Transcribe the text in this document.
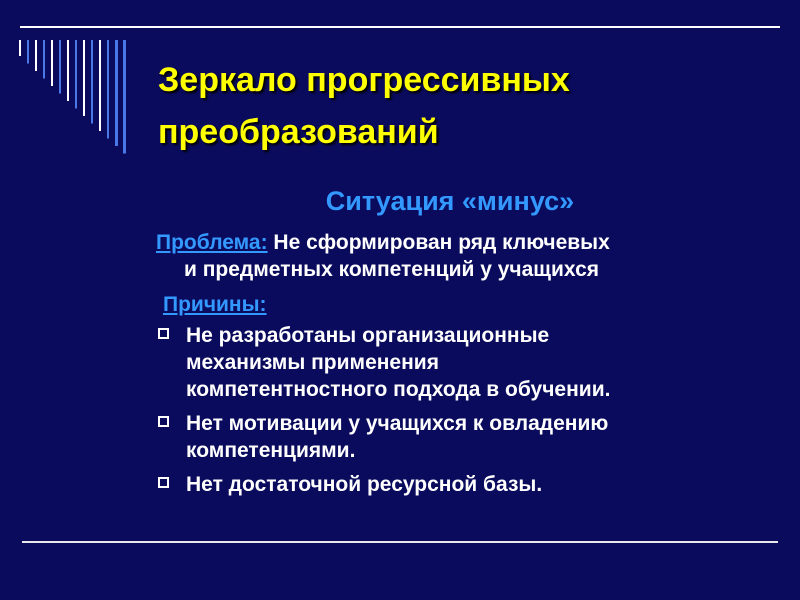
Зеркало прогрессивных
преобразований
Ситуация «минус»
Проблема: Не сформирован ряд ключевых
и предметных компетенций у учащихся
Причины:
Не разработаны организационные
механизмы применения
компетентностного подхода в обучении.
Нет мотивации у учащихся к овладению
компетенциями.
Нет достаточной ресурсной базы.
